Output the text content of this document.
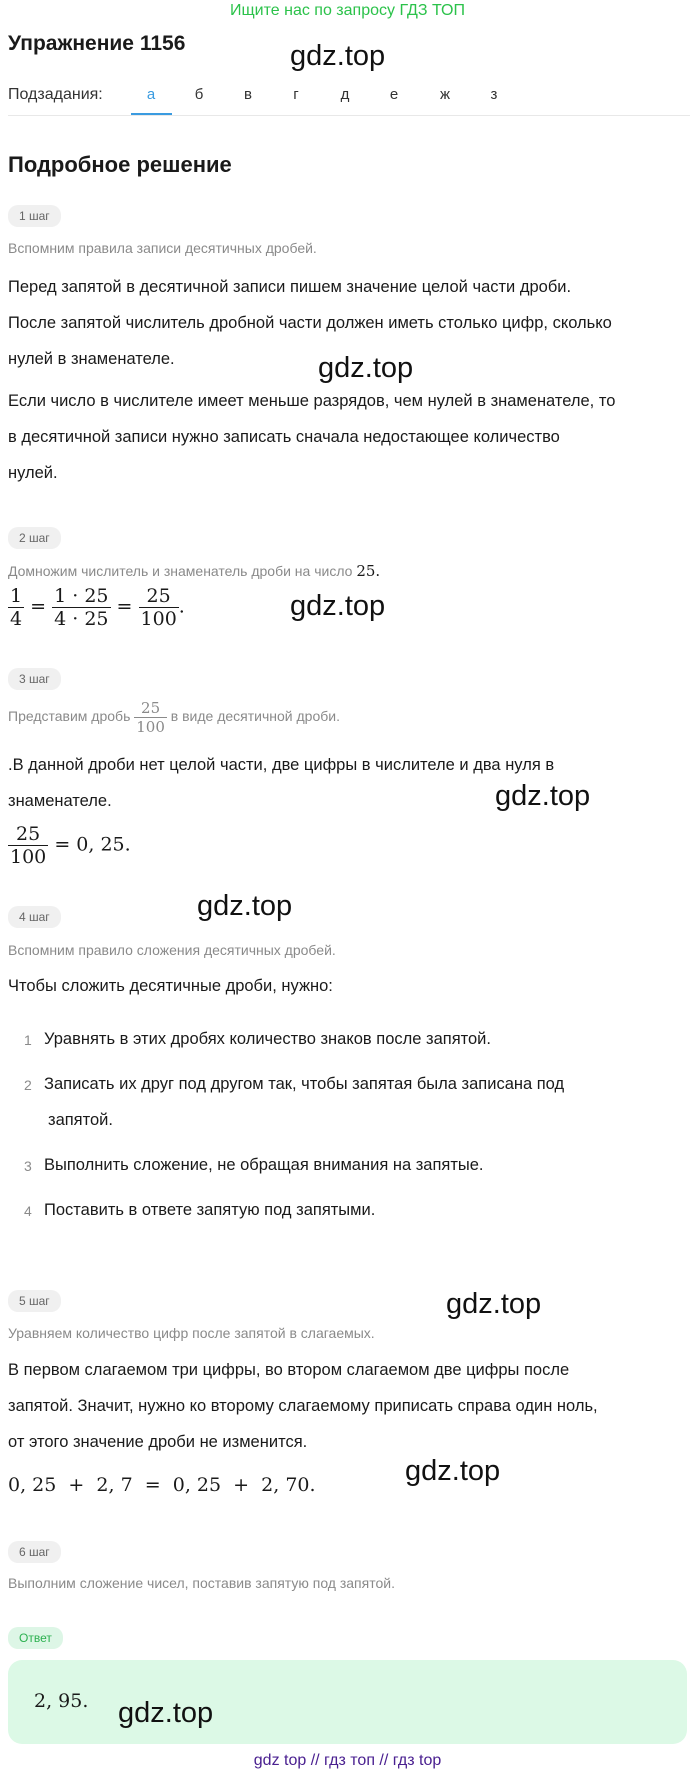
Ищите нас по запросу ГДЗ ТОП
Упражнение 1156	gdz.top
Подзадания:	а	б	в	г	д	е	ж	з
Подробное решение
1 шаг
Вспомним правила записи десятичных дробей.
Перед запятой в десятичной записи пишем значение целой части дроби.
После запятой числитель дробной части должен иметь столько цифр, сколько
нулей в знаменателе.	gdz.top
Если число в числителе имеет меньше разрядов, чем нулей в знаменателе, то
в десятичной записи нужно записать сначала недостающее количество
нулей.
2 шаг
Домножим числитель и знаменатель дроби на число 25.
$\frac{1}{4} = \frac{1 \cdot 25}{4 \cdot 25} = \frac{25}{100}$ .	gdz.top
3 шаг
Представим дробь $\frac{25}{100}$ в виде десятичной дроби.
.В данной дроби нет целой части, две цифры в числителе и два нуля в
знаменателе.	gdz.top
$\frac{25}{100} = 0$, 25.
4 шаг	gdz.top
Вспомним правило сложения десятичных дробей.
Чтобы сложить десятичные дроби, нужно:
1 Уравнять в этих дробях количество знаков после запятой.
2 Записать их друг под другом так, чтобы запятая была записана под
запятой.
3 Выполнить сложение, не обращая внимания на запятые.
4 Поставить в ответе запятую под запятыми.
5 шаг	gdz.top
Уравняем количество цифр после запятой в слагаемых.
В первом слагаемом три цифры, во втором слагаемом две цифры после
запятой. Значит, нужно ко второму слагаемому приписать справа один ноль,
от этого значение дроби не изменится.
gdz.top
0, 25  +  2, 7  =  0, 25  +  2, 70.
6 шаг
Выполним сложение чисел, поставив запятую под запятой.
Ответ
2, 95. gdz.top
gdz top // гдз топ // гдз top
